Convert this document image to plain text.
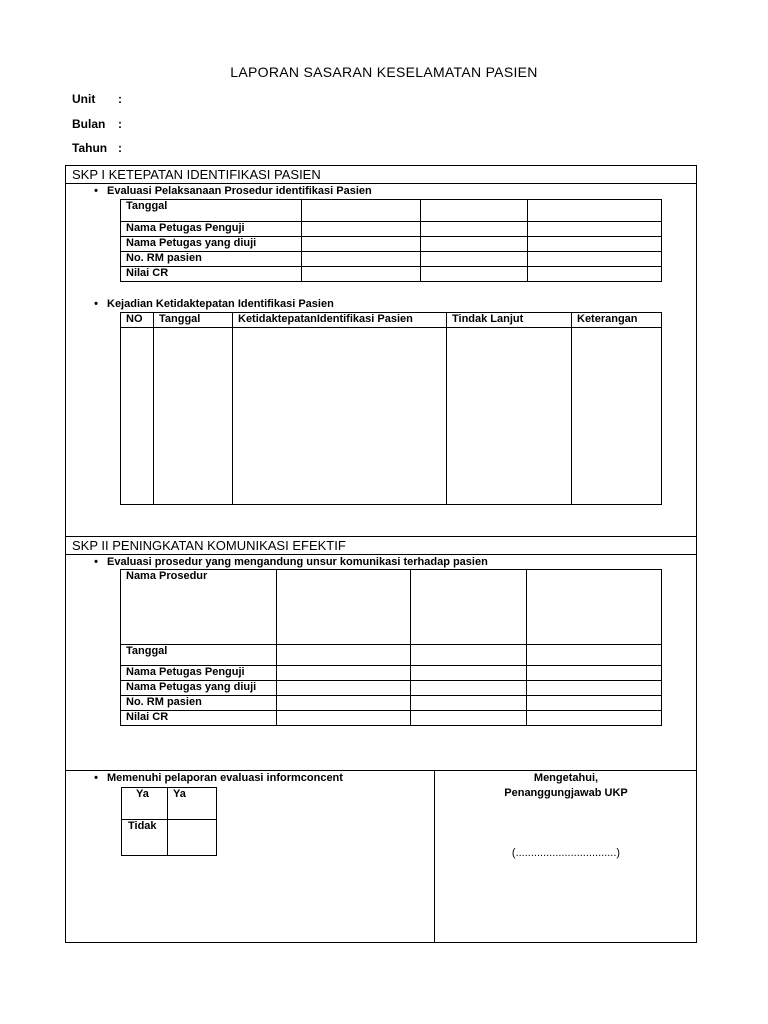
LAPORAN SASARAN KESELAMATAN PASIEN
Unit :
Bulan :
Tahun :
SKP I KETEPATAN IDENTIFIKASI PASIEN
• Evaluasi Pelaksanaan Prosedur identifikasi Pasien
Tanggal			
Nama Petugas Penguji			
Nama Petugas yang diuji			
No. RM pasien			
Nilai CR			
• Kejadian Ketidaktepatan Identifikasi Pasien
NO	Tanggal	KetidaktepatanIdentifikasi Pasien	Tindak Lanjut	Keterangan

SKP II PENINGKATAN KOMUNIKASI EFEKTIF
• Evaluasi prosedur yang mengandung unsur komunikasi terhadap pasien
Nama Prosedur			
Tanggal			
Nama Petugas Penguji			
Nama Petugas yang diuji			
No. RM pasien			
Nilai CR			
• Memenuhi pelaporan evaluasi informconcent
Ya	Ya
Tidak	
Mengetahui,
Penanggungjawab UKP
(.................................)
